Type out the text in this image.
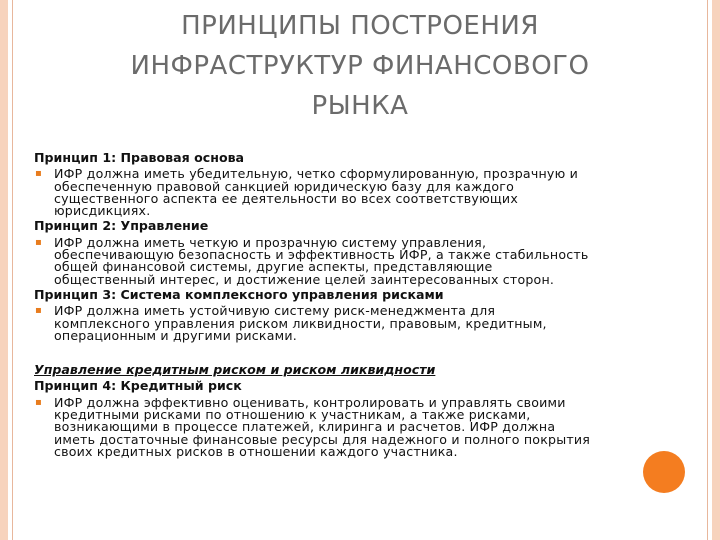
ПРИНЦИПЫ ПОСТРОЕНИЯ
ИНФРАСТРУКТУР ФИНАНСОВОГО
РЫНКА
Принцип 1: Правовая основа
▪ ИФР должна иметь убедительную, четко сформулированную, прозрачную и
обеспеченную правовой санкцией юридическую базу для каждого
существенного аспекта ее деятельности во всех соответствующих
юрисдикциях.
Принцип 2: Управление
▪ ИФР должна иметь четкую и прозрачную систему управления,
обеспечивающую безопасность и эффективность ИФР, а также стабильность
общей финансовой системы, другие аспекты, представляющие
общественный интерес, и достижение целей заинтересованных сторон.
Принцип 3: Система комплексного управления рисками
▪ ИФР должна иметь устойчивую систему риск-менеджмента для
комплексного управления риском ликвидности, правовым, кредитным,
операционным и другими рисками.
Управление кредитным риском и риском ликвидности
Принцип 4: Кредитный риск
▪ ИФР должна эффективно оценивать, контролировать и управлять своими
кредитными рисками по отношению к участникам, а также рисками,
возникающими в процессе платежей, клиринга и расчетов. ИФР должна
иметь достаточные финансовые ресурсы для надежного и полного покрытия
своих кредитных рисков в отношении каждого участника.
